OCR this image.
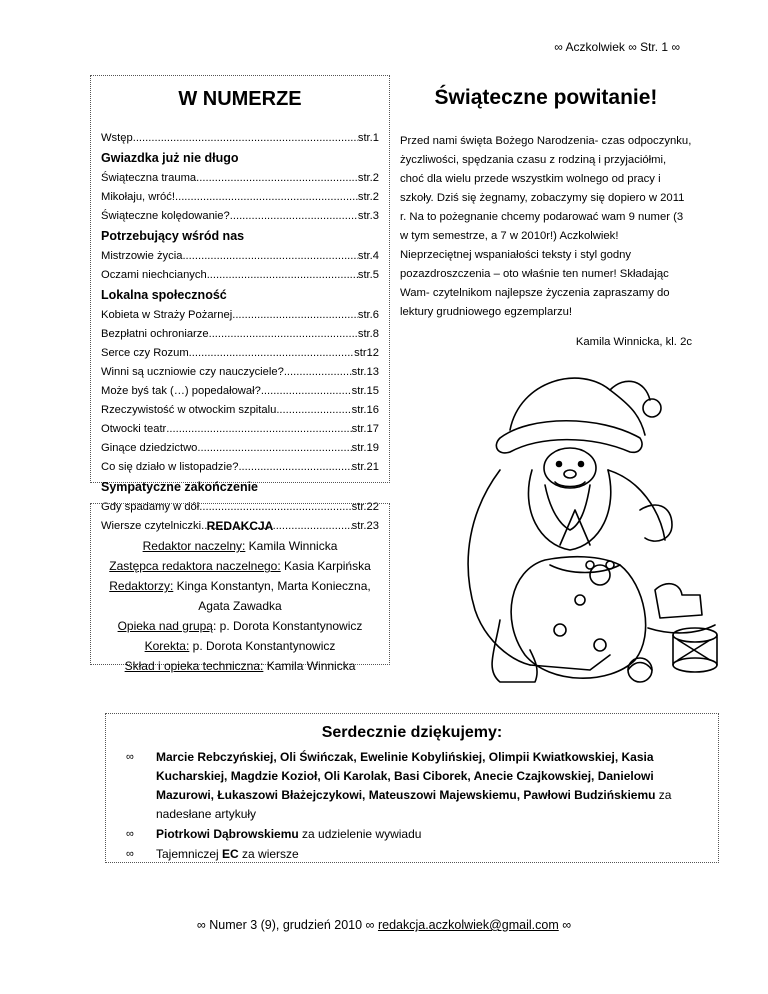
∞ Aczkolwiek ∞ Str. 1 ∞
W NUMERZE
Wstęp .....	str.1
Gwiazdka już nie długo
Świąteczna trauma .....	str.2
Mikołaju, wróć! .....	str.2
Świąteczne kolędowanie? .....	str.3
Potrzebujący wśród nas
Mistrzowie życia .....	str.4
Oczami niechcianych .....	str.5
Lokalna społeczność
Kobieta w Straży Pożarnej .....	str.6
Bezpłatni ochroniarze .....	str.8
Serce czy Rozum .....	str12
Winni są uczniowie czy nauczyciele? .....	str.13
Może byś tak (…) popedałował? .....	str.15
Rzeczywistość w otwockim szpitalu .....	str.16
Otwocki teatr .....	str.17
Ginące dziedzictwo .....	str.19
Co się działo w listopadzie? .....	str.21
Sympatyczne zakończenie
Gdy spadamy w dół .....	str.22
Wiersze czytelniczki .....	str.23
Świąteczne powitanie!

Przed nami święta Bożego Narodzenia- czas odpoczynku, życzliwości, spędzania czasu z rodziną i przyjaciółmi, choć dla wielu przede wszystkim wolnego od pracy i szkoły. Dziś się żegnamy, zobaczymy się dopiero w 2011 r. Na to pożegnanie chcemy podarować wam 9 numer (3 w tym semestrze, a 7 w 2010r!) Aczkolwiek! Nieprzeciętnej wspaniałości teksty i styl godny pozazdroszczenia – oto właśnie ten numer! Składając Wam- czytelnikom najlepsze życzenia zapraszamy do lektury grudniowego egzemplarzu!

Kamila Winnicka, kl. 2c
REDAKCJA
Redaktor naczelny: Kamila Winnicka
Zastępca redaktora naczelnego: Kasia Karpińska
Redaktorzy: Kinga Konstantyn, Marta Konieczna, Agata Zawadka
Opieka nad grupą: p. Dorota Konstantynowicz
Korekta: p. Dorota Konstantynowicz
Skład i opieka techniczna: Kamila Winnicka
Serdecznie dziękujemy:
∞ Marcie Rebczyńskiej, Oli Świńczak, Ewelinie Kobylińskiej, Olimpii Kwiatkowskiej, Kasia Kucharskiej, Magdzie Kozioł, Oli Karolak, Basi Ciborek, Anecie Czajkowskiej, Danielowi Mazurowi, Łukaszowi Błażejczykowi, Mateuszowi Majewskiemu, Pawłowi Budzińskiemu za nadesłane artykuły
∞ Piotrkowi Dąbrowskiemu za udzielenie wywiadu
∞ Tajemniczej EC za wiersze
∞ Numer 3 (9), grudzień 2010 ∞ redakcja.aczkolwiek@gmail.com ∞
